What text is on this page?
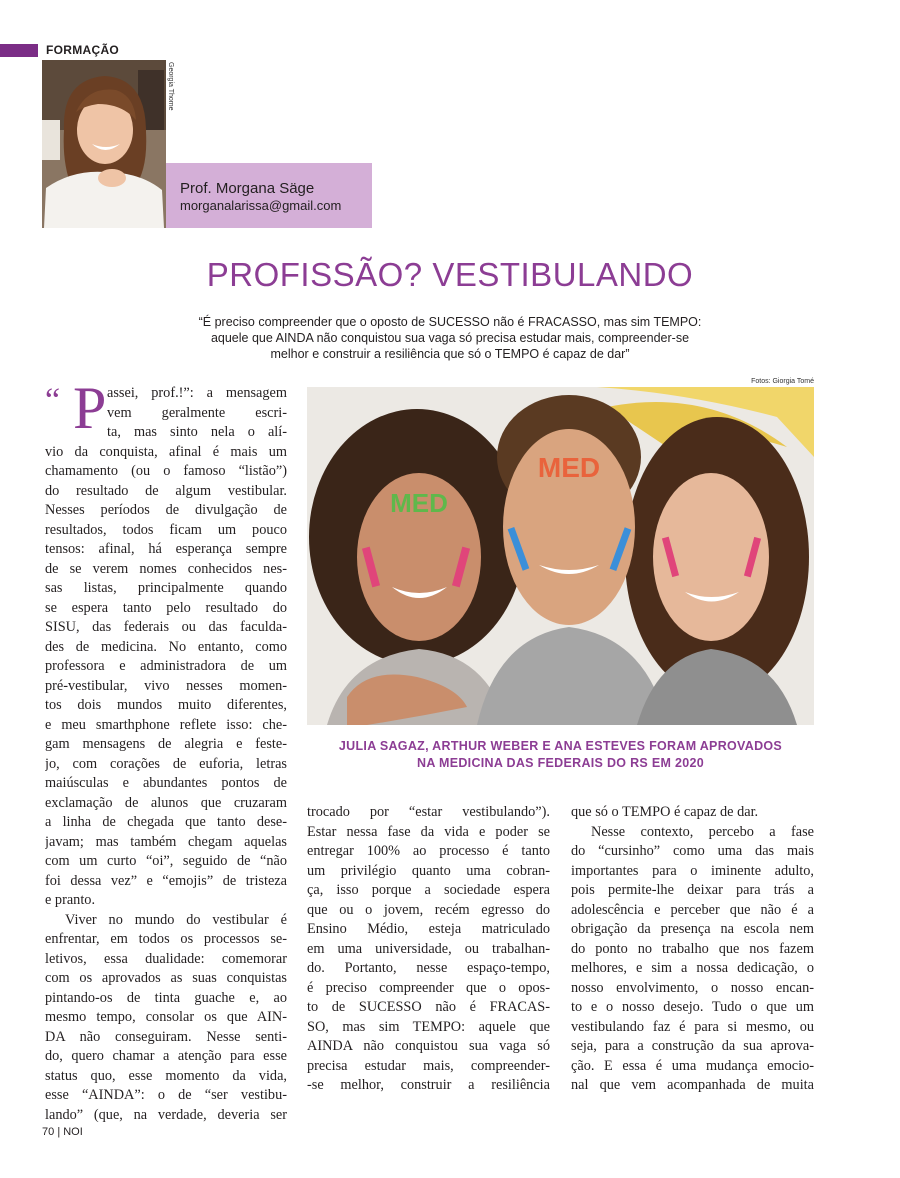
FORMAÇÃO
Georgia Thome
Prof. Morgana Säge
morganalarissa@gmail.com
PROFISSÃO? VESTIBULANDO
“É preciso compreender que o oposto de SUCESSO não é FRACASSO, mas sim TEMPO:
aquele que AINDA não conquistou sua vaga só precisa estudar mais, compreender-se
melhor e construir a resiliência que só o TEMPO é capaz de dar”
Fotos: Giorgia Tomé
MED
MED
JULIA SAGAZ, ARTHUR WEBER E ANA ESTEVES FORAM APROVADOS
NA MEDICINA DAS FEDERAIS DO RS EM 2020
“ P assei, prof.!”: a mensagem
vem geralmente escri-
ta, mas sinto nela o alí-
vio da conquista, afinal é mais um
chamamento (ou o famoso “listão”)
do resultado de algum vestibular.
Nesses períodos de divulgação de
resultados, todos ficam um pouco
tensos: afinal, há esperança sempre
de se verem nomes conhecidos nes-
sas listas, principalmente quando
se espera tanto pelo resultado do
SISU, das federais ou das faculda-
des de medicina. No entanto, como
professora e administradora de um
pré-vestibular, vivo nesses momen-
tos dois mundos muito diferentes,
e meu smarthphone reflete isso: che-
gam mensagens de alegria e feste-
jo, com corações de euforia, letras
maiúsculas e abundantes pontos de
exclamação de alunos que cruzaram
a linha de chegada que tanto dese-
javam; mas também chegam aquelas
com um curto “oi”, seguido de “não
foi dessa vez” e “emojis” de tristeza
e pranto.
Viver no mundo do vestibular é
enfrentar, em todos os processos se-
letivos, essa dualidade: comemorar
com os aprovados as suas conquistas
pintando-os de tinta guache e, ao
mesmo tempo, consolar os que AIN-
DA não conseguiram. Nesse senti-
do, quero chamar a atenção para esse
status quo, esse momento da vida,
esse “AINDA”: o de “ser vestibu-
lando” (que, na verdade, deveria ser
trocado por “estar vestibulando”).
Estar nessa fase da vida e poder se
entregar 100% ao processo é tanto
um privilégio quanto uma cobran-
ça, isso porque a sociedade espera
que ou o jovem, recém egresso do
Ensino Médio, esteja matriculado
em uma universidade, ou trabalhan-
do. Portanto, nesse espaço-tempo,
é preciso compreender que o opos-
to de SUCESSO não é FRACAS-
SO, mas sim TEMPO: aquele que
AINDA não conquistou sua vaga só
precisa estudar mais, compreender-
-se melhor, construir a resiliência
que só o TEMPO é capaz de dar.
Nesse contexto, percebo a fase
do “cursinho” como uma das mais
importantes para o iminente adulto,
pois permite-lhe deixar para trás a
adolescência e perceber que não é a
obrigação da presença na escola nem
do ponto no trabalho que nos fazem
melhores, e sim a nossa dedicação, o
nosso envolvimento, o nosso encan-
to e o nosso desejo. Tudo o que um
vestibulando faz é para si mesmo, ou
seja, para a construção da sua aprova-
ção. E essa é uma mudança emocio-
nal que vem acompanhada de muita
70 | NOI
